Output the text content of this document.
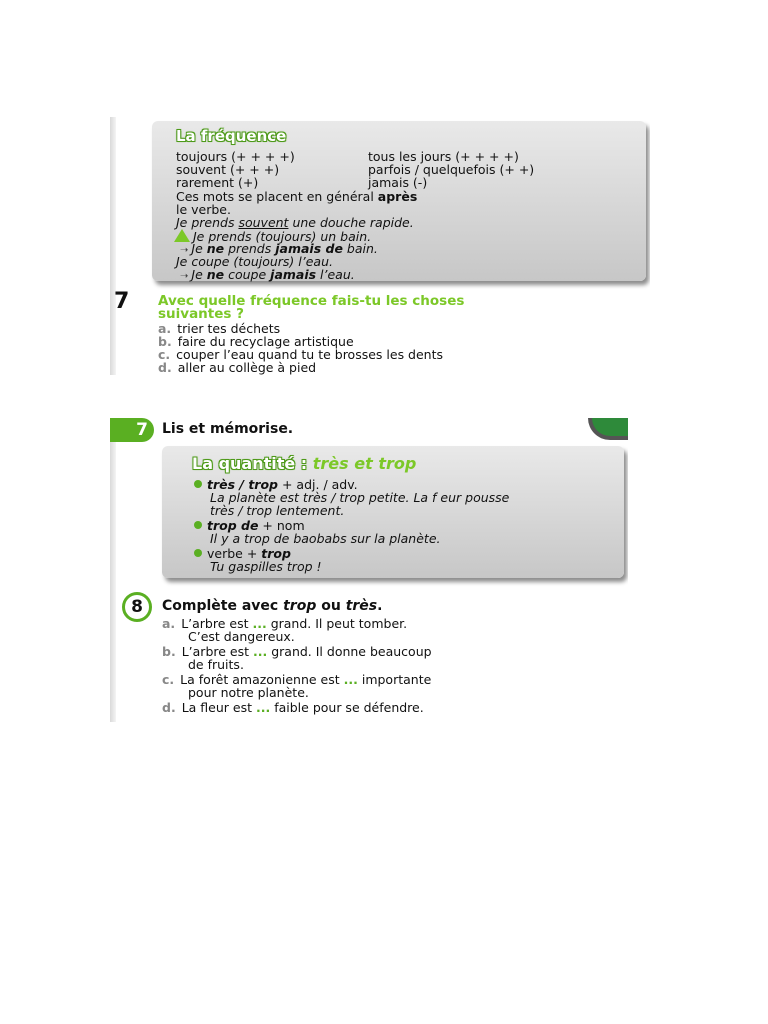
La fréquence
toujours (+ + + +)	tous les jours (+ + + +)
souvent (+ + +)	parfois / quelquefois (+ +)
rarement (+)	jamais (-)
Ces mots se placent en général après
le verbe.
Je prends souvent une douche rapide.
Je prends (toujours) un bain.
➝ Je ne prends jamais de bain.
Je coupe (toujours) l’eau.
➝ Je ne coupe jamais l’eau.
7 Avec quelle fréquence fais-tu les choses
suivantes ?
a. trier tes déchets
b. faire du recyclage artistique
c. couper l’eau quand tu te brosses les dents
d. aller au collège à pied
7 Lis et mémorise.
La quantité : très et trop
très / trop + adj. / adv.
La planète est très / trop petite. La f eur pousse
très / trop lentement.
trop de + nom
Il y a trop de baobabs sur la planète.
verbe + trop
Tu gaspilles trop !
8 Complète avec trop ou très.
a. L’arbre est ... grand. Il peut tomber.
C’est dangereux.
b. L’arbre est ... grand. Il donne beaucoup
de fruits.
c. La forêt amazonienne est ... importante
pour notre planète.
d. La fleur est ... faible pour se défendre.
